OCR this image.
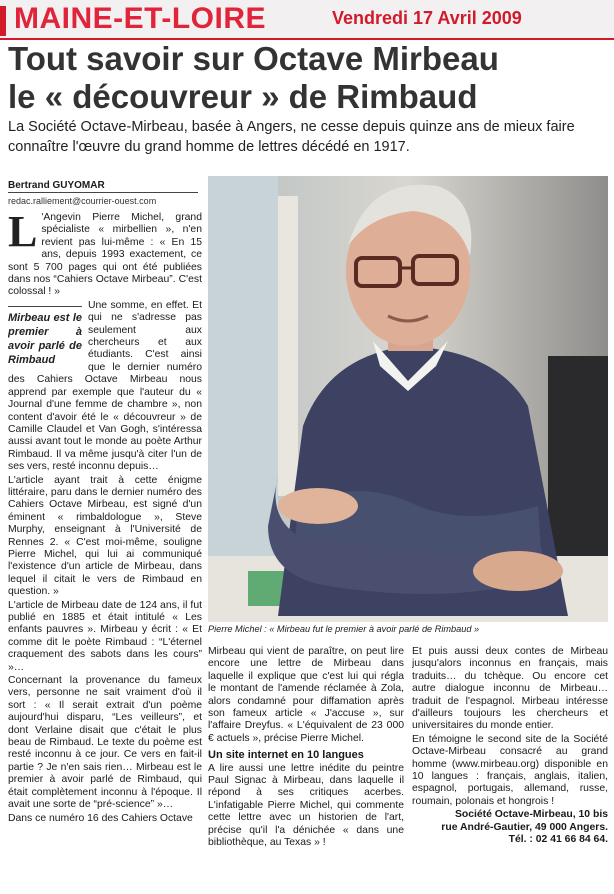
MAINE-ET-LOIRE	Vendredi 17 Avril 2009
Tout savoir sur Octave Mirbeau
le « découvreur » de Rimbaud
La Société Octave-Mirbeau, basée à Angers, ne cesse depuis quinze ans de mieux faire connaître l'œuvre du grand homme de lettres décédé en 1917.
Bertrand GUYOMAR
redac.ralliement@courrier-ouest.com

L 'Angevin Pierre Michel, grand spécialiste « mirbellien », n'en revient pas lui-même : « En 15 ans, depuis 1993 exactement, ce sont 5 700 pages qui ont été publiées dans nos “Cahiers Octave Mirbeau”. C'est colossal ! »

Mirbeau est le premier à avoir parlé de Rimbaud

Une somme, en effet. Et qui ne s'adresse pas seulement aux chercheurs et aux étudiants. C'est ainsi que le dernier numéro des Cahiers Octave Mirbeau nous apprend par exemple que l'auteur du « Journal d'une femme de chambre », non content d'avoir été le « découvreur » de Camille Claudel et Van Gogh, s'intéressa aussi avant tout le monde au poète Arthur Rimbaud. Il va même jusqu'à citer l'un de ses vers, resté inconnu depuis…

L'article ayant trait à cette énigme littéraire, paru dans le dernier numéro des Cahiers Octave Mirbeau, est signé d'un éminent « rimbaldologue », Steve Murphy, enseignant à l'Université de Rennes 2. « C'est moi-même, souligne Pierre Michel, qui lui ai communiqué l'existence d'un article de Mirbeau, dans lequel il citait le vers de Rimbaud en question. »

L'article de Mirbeau date de 124 ans, il fut publié en 1885 et était intitulé « Les enfants pauvres ». Mirbeau y écrit : « Et comme dit le poète Rimbaud : “L'éternel craquement des sabots dans les cours” »…

Concernant la provenance du fameux vers, personne ne sait vraiment d'où il sort : « Il serait extrait d'un poème aujourd'hui disparu, “Les veilleurs”, et dont Verlaine disait que c'était le plus beau de Rimbaud. Le texte du poème est resté inconnu à ce jour. Ce vers en fait-il partie ? Je n'en sais rien… Mirbeau est le premier à avoir parlé de Rimbaud, qui était complètement inconnu à l'époque. Il avait une sorte de “pré-science” »…

Dans ce numéro 16 des Cahiers Octave

Pierre Michel : « Mirbeau fut le premier à avoir parlé de Rimbaud »

Mirbeau qui vient de paraître, on peut lire encore une lettre de Mirbeau dans laquelle il explique que c'est lui qui régla le montant de l'amende réclamée à Zola, alors condamné pour diffamation après son fameux article « J'accuse », sur l'affaire Dreyfus. « L'équivalent de 23 000 € actuels », précise Pierre Michel.

Un site internet en 10 langues

A lire aussi une lettre inédite du peintre Paul Signac à Mirbeau, dans laquelle il répond à ses critiques acerbes. L'infatigable Pierre Michel, qui commente cette lettre avec un historien de l'art, précise qu'il l'a dénichée « dans une bibliothèque, au Texas » !

Et puis aussi deux contes de Mirbeau jusqu'alors inconnus en français, mais traduits… du tchèque. Ou encore cet autre dialogue inconnu de Mirbeau… traduit de l'espagnol. Mirbeau intéresse d'ailleurs toujours les chercheurs et universitaires du monde entier.

En témoigne le second site de la Société Octave-Mirbeau consacré au grand homme (www.mirbeau.org) disponible en 10 langues : français, anglais, italien, espagnol, portugais, allemand, russe, roumain, polonais et hongrois !

Société Octave-Mirbeau, 10 bis
rue André-Gautier, 49 000 Angers.
Tél. : 02 41 66 84 64.
